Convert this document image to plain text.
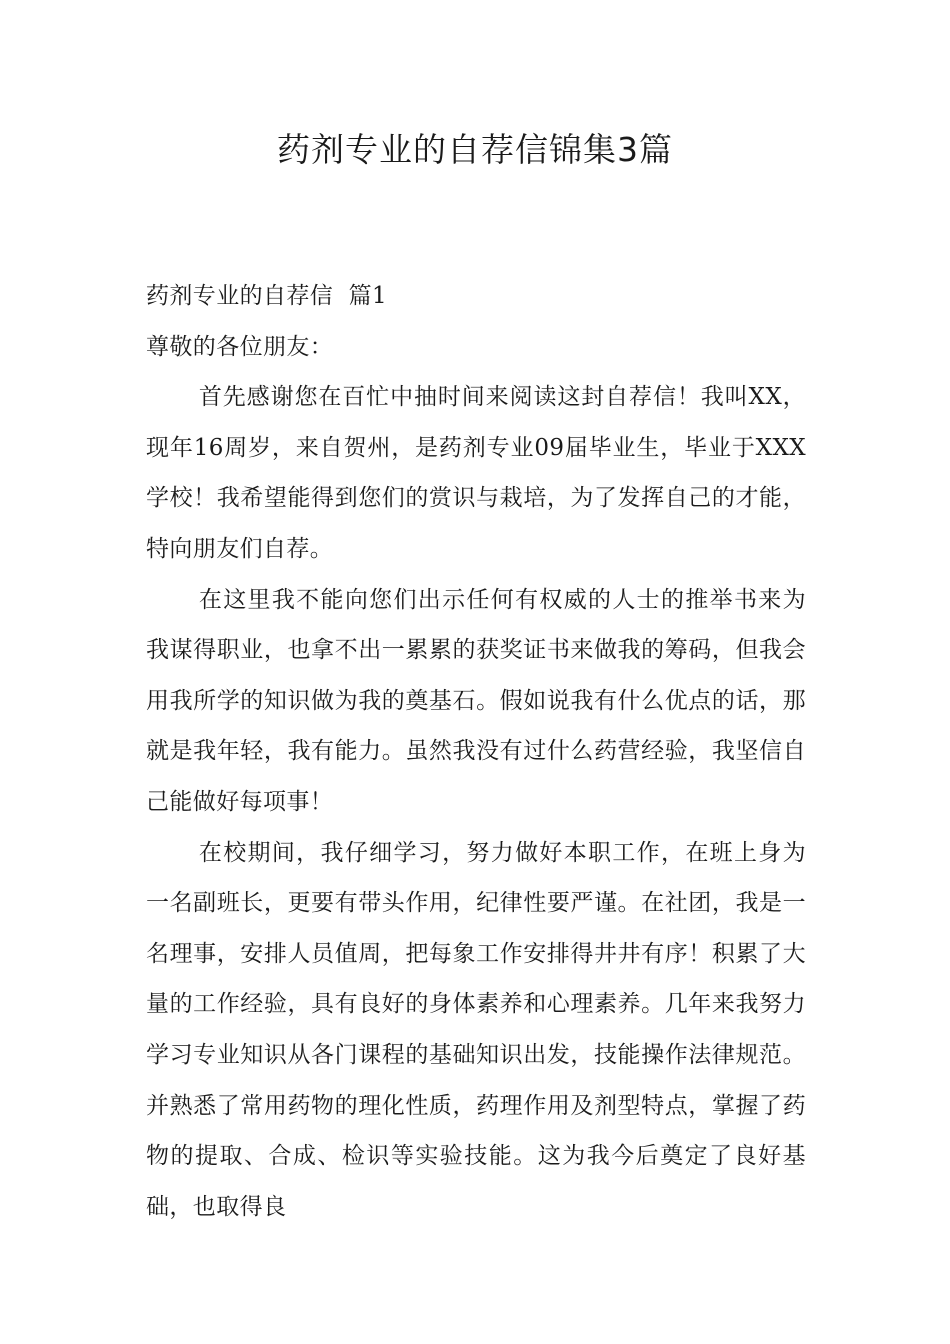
药剂专业的自荐信锦集3篇

药剂专业的自荐信  篇1

尊敬的各位朋友：

首先感谢您在百忙中抽时间来阅读这封自荐信！我叫XX，现年16周岁，来自贺州，是药剂专业09届毕业生，毕业于XXX学校！我希望能得到您们的赏识与栽培，为了发挥自己的才能，特向朋友们自荐。

在这里我不能向您们出示任何有权威的人士的推举书来为我谋得职业，也拿不出一累累的获奖证书来做我的筹码，但我会用我所学的知识做为我的奠基石。假如说我有什么优点的话，那就是我年轻，我有能力。虽然我没有过什么药营经验，我坚信自己能做好每项事！

在校期间，我仔细学习，努力做好本职工作，在班上身为一名副班长，更要有带头作用，纪律性要严谨。在社团，我是一名理事，安排人员值周，把每象工作安排得井井有序！积累了大量的工作经验，具有良好的身体素养和心理素养。几年来我努力学习专业知识从各门课程的基础知识出发，技能操作法律规范。并熟悉了常用药物的理化性质，药理作用及剂型特点，掌握了药物的提取、合成、检识等实验技能。这为我今后奠定了良好基础，也取得良
